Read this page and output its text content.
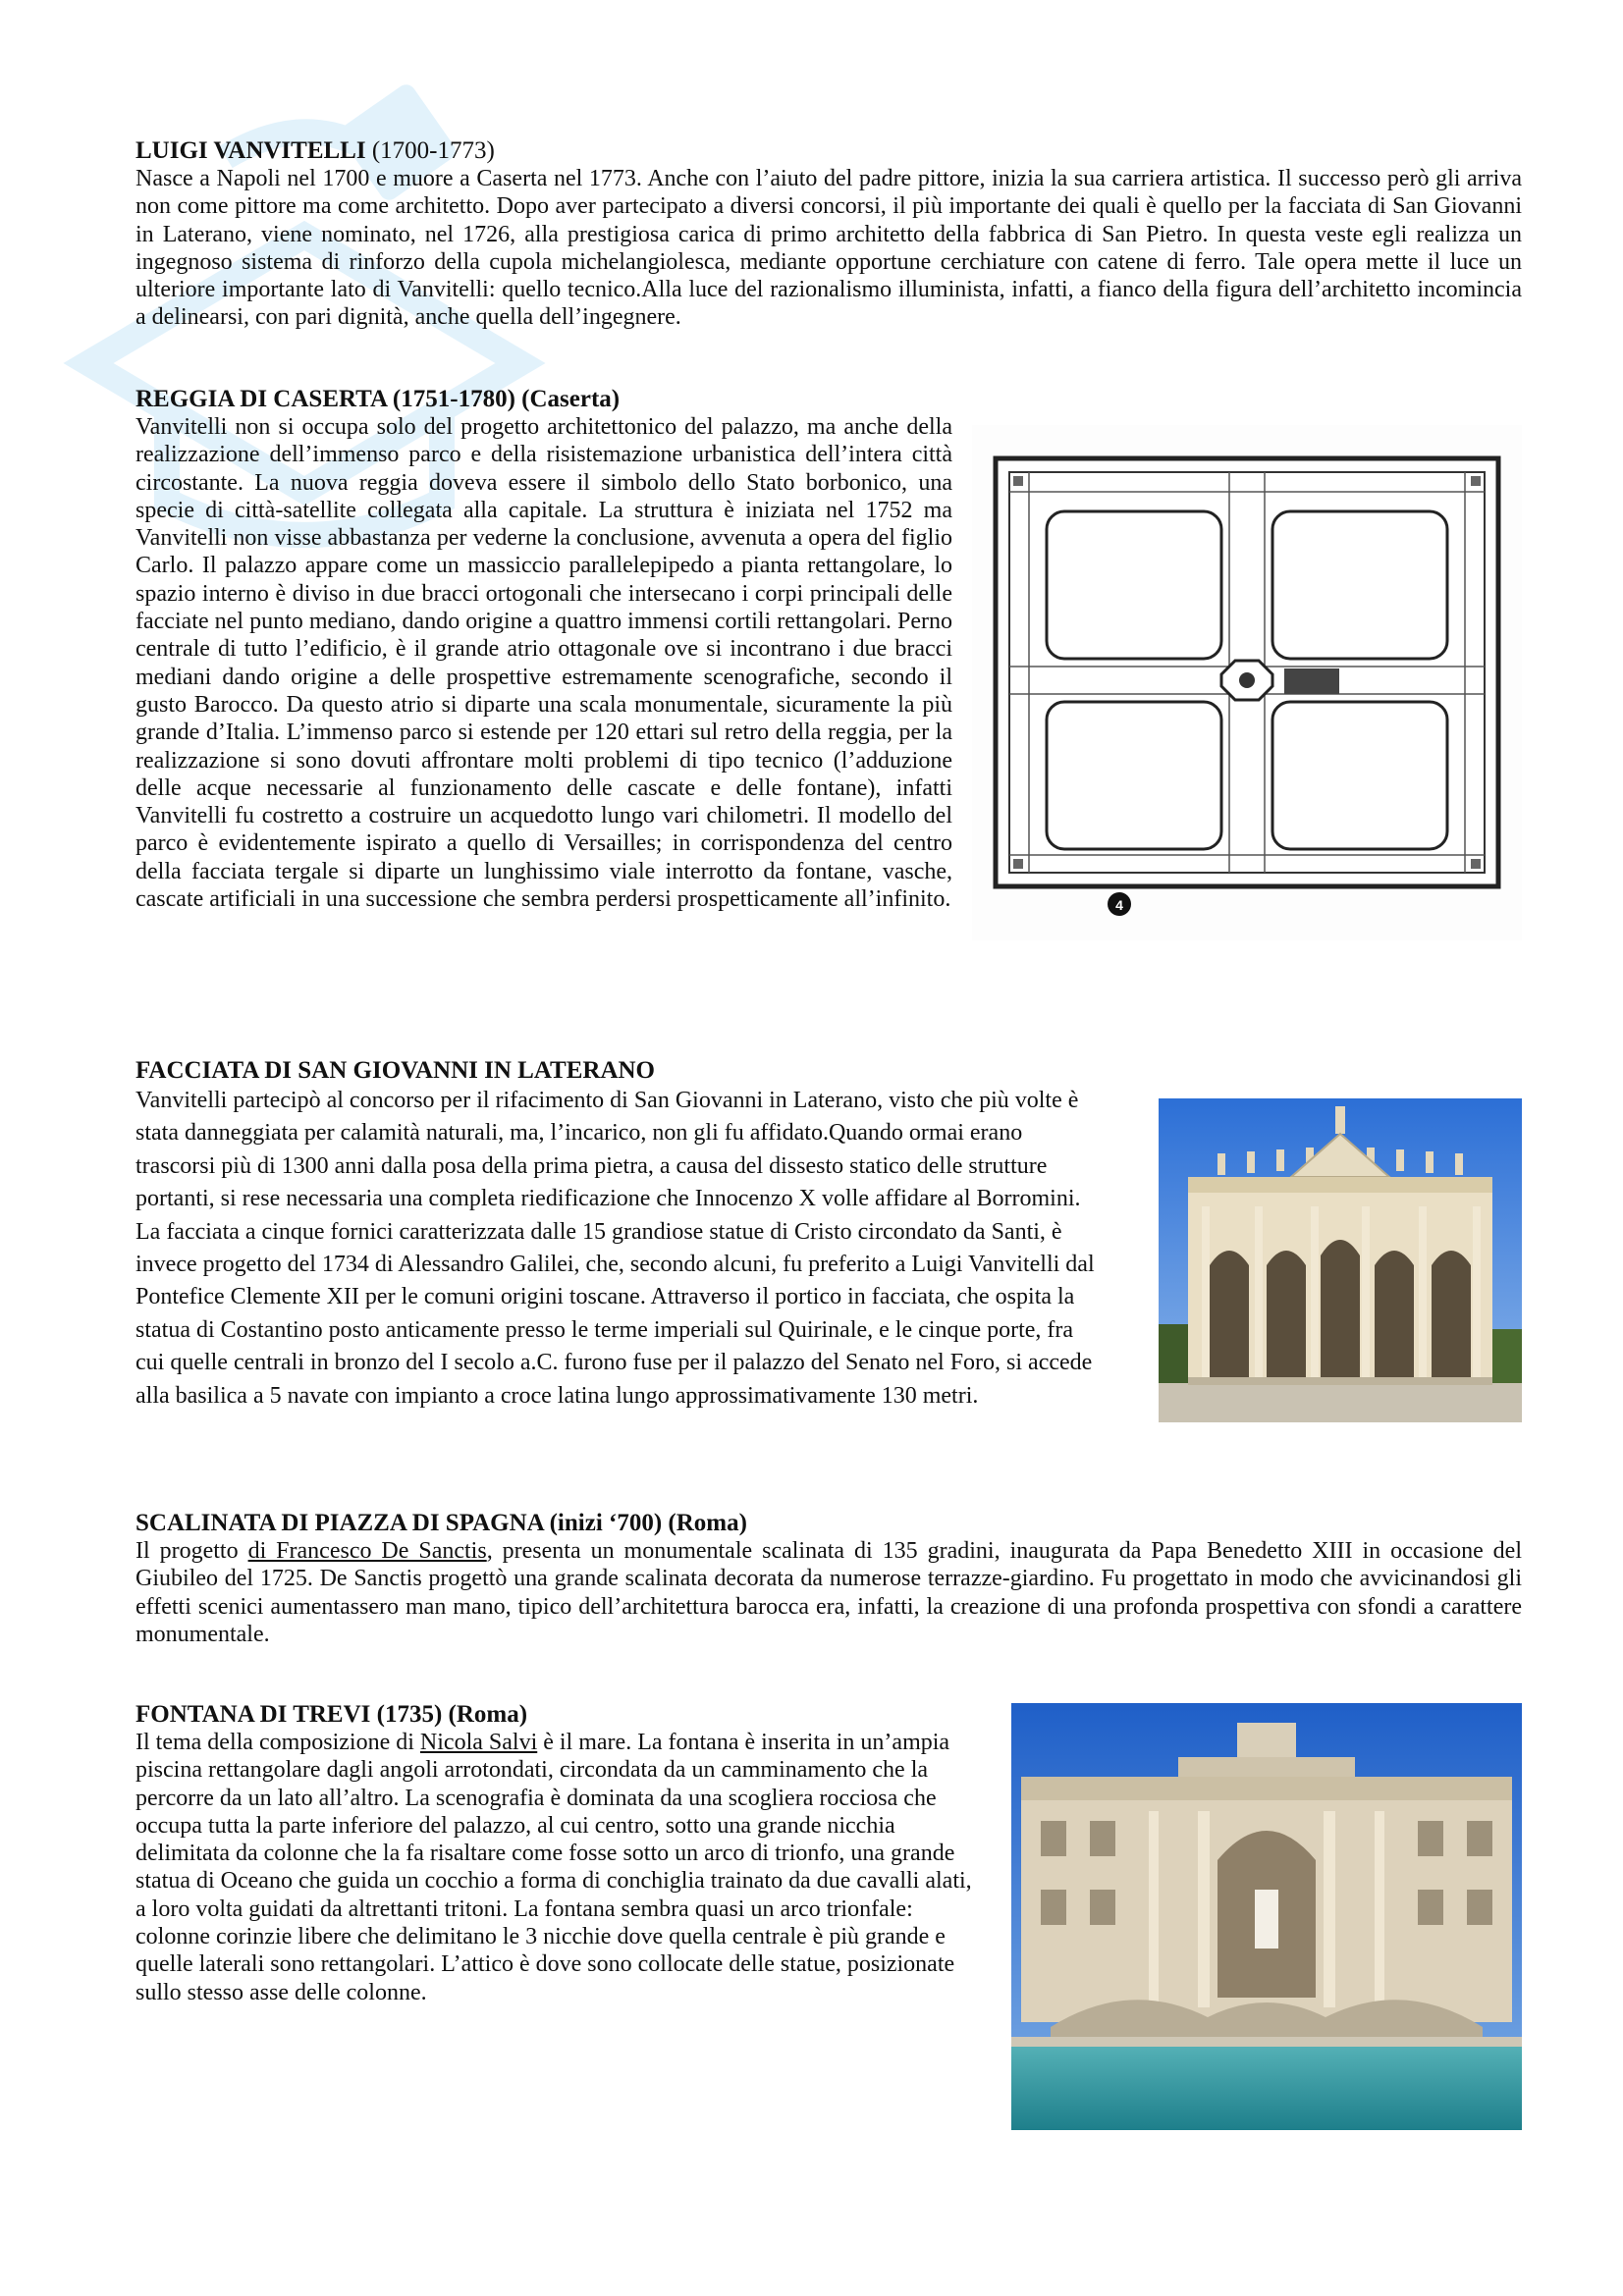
LUIGI VANVITELLI (1700-1773)

Nasce a Napoli nel 1700 e muore a Caserta nel 1773. Anche con l’aiuto del padre pittore, inizia la sua carriera artistica. Il successo però gli arriva non come pittore ma come architetto. Dopo aver partecipato a diversi concorsi, il più importante dei quali è quello per la facciata di San Giovanni in Laterano, viene nominato, nel 1726, alla prestigiosa carica di primo architetto della fabbrica di San Pietro. In questa veste egli realizza un ingegnoso sistema di rinforzo della cupola michelangiolesca, mediante opportune cerchiature con catene di ferro. Tale opera mette il luce un ulteriore importante lato di Vanvitelli: quello tecnico.Alla luce del razionalismo illuminista, infatti, a fianco della figura dell’architetto incomincia a delinearsi, con pari dignità, anche quella dell’ingegnere.

REGGIA DI CASERTA (1751-1780) (Caserta)
4

Vanvitelli non si occupa solo del progetto architettonico del palazzo, ma anche della realizzazione dell’immenso parco e della risistemazione urbanistica dell’intera città circostante. La nuova reggia doveva essere il simbolo dello Stato borbonico, una specie di città-satellite collegata alla capitale. La struttura è iniziata nel 1752 ma Vanvitelli non visse abbastanza per vederne la conclusione, avvenuta a opera del figlio Carlo. Il palazzo appare come un massiccio parallelepipedo a pianta rettangolare, lo spazio interno è diviso in due bracci ortogonali che intersecano i corpi principali delle facciate nel punto mediano, dando origine a quattro immensi cortili rettangolari. Perno centrale di tutto l’edificio, è il grande atrio ottagonale ove si incontrano i due bracci mediani dando origine a delle prospettive estremamente scenografiche, secondo il gusto Barocco. Da questo atrio si diparte una scala monumentale, sicuramente la più grande d’Italia. L’immenso parco si estende per 120 ettari sul retro della reggia, per la realizzazione si sono dovuti affrontare molti problemi di tipo tecnico (l’adduzione delle acque necessarie al funzionamento delle cascate e delle fontane), infatti Vanvitelli fu costretto a costruire un acquedotto lungo vari chilometri. Il modello del parco è evidentemente ispirato a quello di Versailles; in corrispondenza del centro della facciata tergale si diparte un lunghissimo viale interrotto da fontane, vasche, cascate artificiali in una successione che sembra perdersi prospetticamente all’infinito.

FACCIATA DI SAN GIOVANNI IN LATERANO

Vanvitelli partecipò al concorso per il rifacimento di San Giovanni in Laterano, visto che più volte è stata danneggiata per calamità naturali, ma, l’incarico, non gli fu affidato.Quando ormai erano trascorsi più di 1300 anni dalla posa della prima pietra, a causa del dissesto statico delle strutture portanti, si rese necessaria una completa riedificazione che Innocenzo X volle affidare al Borromini. La facciata a cinque fornici caratterizzata dalle 15 grandiose statue di Cristo circondato da Santi, è invece progetto del 1734 di Alessandro Galilei, che, secondo alcuni, fu preferito a Luigi Vanvitelli dal Pontefice Clemente XII per le comuni origini toscane. Attraverso il portico in facciata, che ospita la statua di Costantino posto anticamente presso le terme imperiali sul Quirinale, e le cinque porte, fra cui quelle centrali in bronzo del I secolo a.C. furono fuse per il palazzo del Senato nel Foro, si accede alla basilica a 5 navate con impianto a croce latina lungo approssimativamente 130 metri.

SCALINATA DI PIAZZA DI SPAGNA (inizi ‘700) (Roma)

Il progetto di Francesco De Sanctis, presenta un monumentale scalinata di 135 gradini, inaugurata da Papa Benedetto XIII in occasione del Giubileo del 1725. De Sanctis progettò una grande scalinata decorata da numerose terrazze-giardino. Fu progettato in modo che avvicinandosi gli effetti scenici aumentassero man mano, tipico dell’architettura barocca era, infatti, la creazione di una profonda prospettiva con sfondi a carattere monumentale.

FONTANA DI TREVI (1735) (Roma)

Il tema della composizione di Nicola Salvi è il mare. La fontana è inserita in un’ampia piscina rettangolare dagli angoli arrotondati, circondata da un camminamento che la percorre da un lato all’altro. La scenografia è dominata da una scogliera rocciosa che occupa tutta la parte inferiore del palazzo, al cui centro, sotto una grande nicchia delimitata da colonne che la fa risaltare come fosse sotto un arco di trionfo, una grande statua di Oceano che guida un cocchio a forma di conchiglia trainato da due cavalli alati, a loro volta guidati da altrettanti tritoni. La fontana sembra quasi un arco trionfale: colonne corinzie libere che delimitano le 3 nicchie dove quella centrale è più grande e quelle laterali sono rettangolari. L’attico è dove sono collocate delle statue, posizionate sullo stesso asse delle colonne.
